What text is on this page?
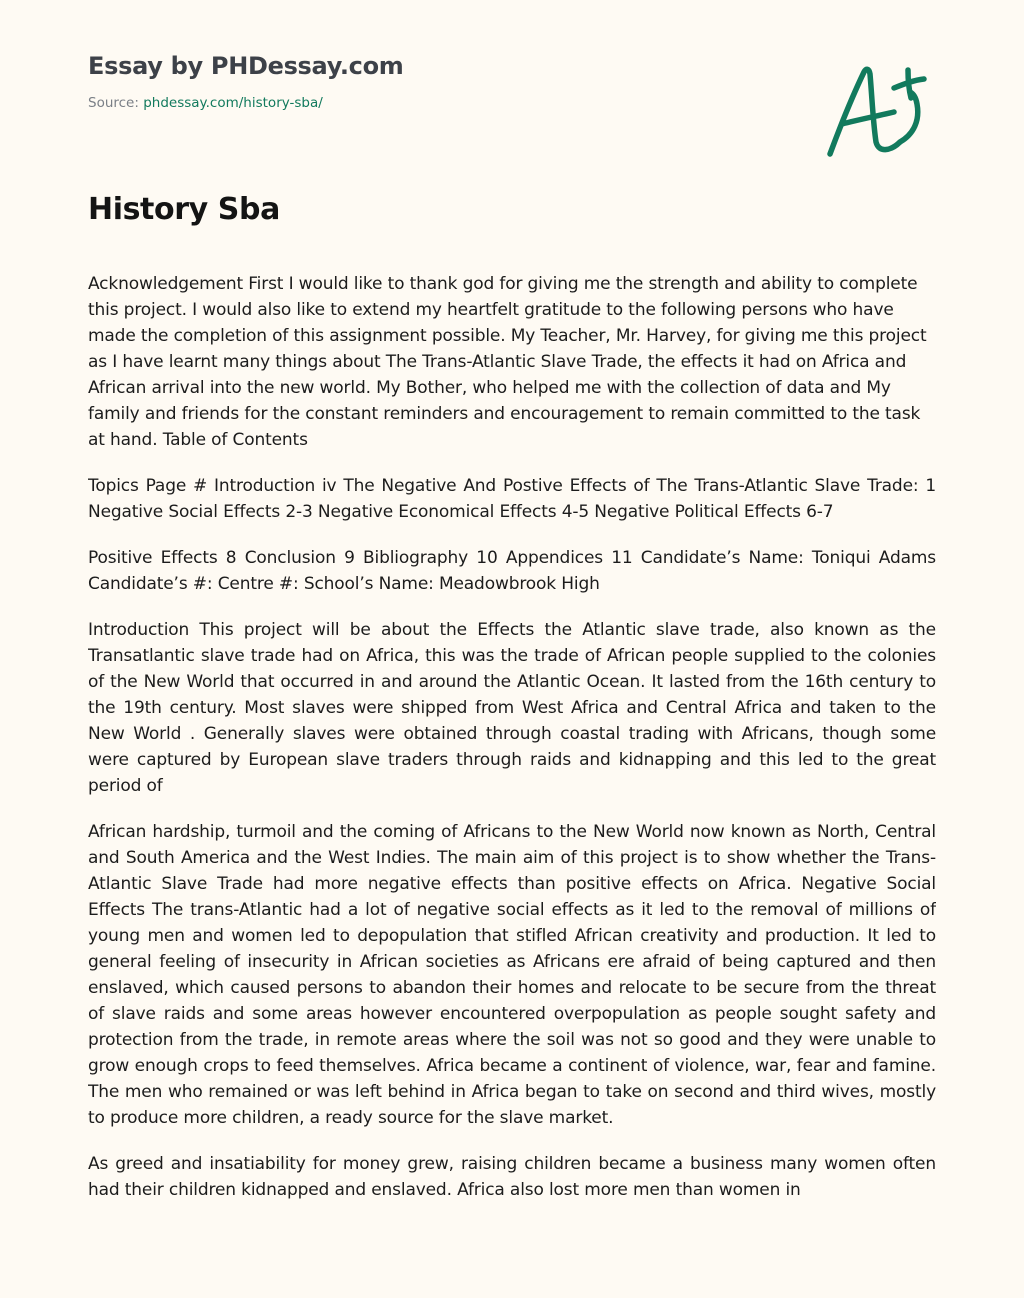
Essay by PHDessay.com
Source: phdessay.com/history-sba/
History Sba

Acknowledgement First I would like to thank god for giving me the strength and ability to complete this project. I would also like to extend my heartfelt gratitude to the following persons who have made the completion of this assignment possible. My Teacher, Mr. Harvey, for giving me this project as I have learnt many things about The Trans-Atlantic Slave Trade, the effects it had on Africa and African arrival into the new world. My Bother, who helped me with the collection of data and My family and friends for the constant reminders and encouragement to remain committed to the task at hand. Table of Contents

Topics Page # Introduction iv The Negative And Postive Effects of The Trans-Atlantic Slave Trade: 1 Negative Social Effects 2-3 Negative Economical Effects 4-5 Negative Political Effects 6-7

Positive Effects 8 Conclusion 9 Bibliography 10 Appendices 11 Candidate’s Name: Toniqui Adams Candidate’s #: Centre #: School’s Name: Meadowbrook High

Introduction This project will be about the Effects the Atlantic slave trade, also known as the Transatlantic slave trade had on Africa, this was the trade of African people supplied to the colonies of the New World that occurred in and around the Atlantic Ocean. It lasted from the 16th century to the 19th century. Most slaves were shipped from West Africa and Central Africa and taken to the New World . Generally slaves were obtained through coastal trading with Africans, though some were captured by European slave traders through raids and kidnapping and this led to the great period of

African hardship, turmoil and the coming of Africans to the New World now known as North, Central and South America and the West Indies. The main aim of this project is to show whether the Trans-Atlantic Slave Trade had more negative effects than positive effects on Africa. Negative Social Effects The trans-Atlantic had a lot of negative social effects as it led to the removal of millions of young men and women led to depopulation that stifled African creativity and production. It led to general feeling of insecurity in African societies as Africans ere afraid of being captured and then enslaved, which caused persons to abandon their homes and relocate to be secure from the threat of slave raids and some areas however encountered overpopulation as people sought safety and protection from the trade, in remote areas where the soil was not so good and they were unable to grow enough crops to feed themselves. Africa became a continent of violence, war, fear and famine. The men who remained or was left behind in Africa began to take on second and third wives, mostly to produce more children, a ready source for the slave market.

As greed and insatiability for money grew, raising children became a business many women often had their children kidnapped and enslaved. Africa also lost more men than women in
